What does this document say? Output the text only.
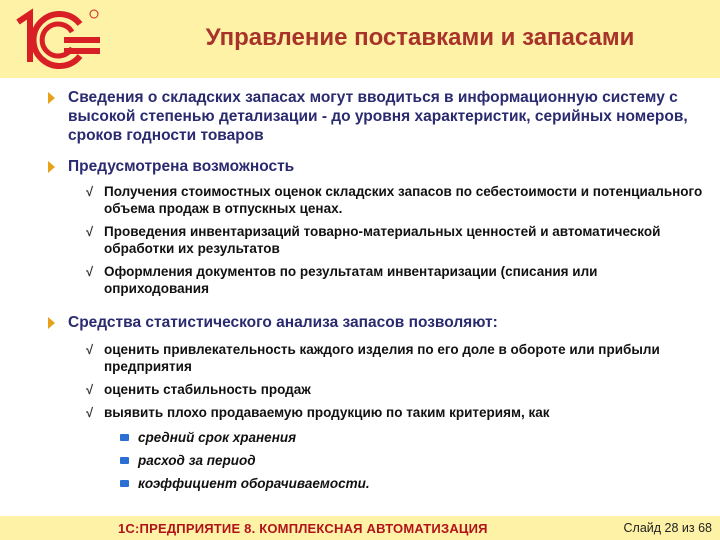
Управление поставками и запасами
Сведения о складских запасах могут вводиться в информационную систему с высокой степенью детализации - до уровня характеристик, серийных номеров, сроков годности товаров
Предусмотрена возможность
√ Получения стоимостных оценок складских запасов по себестоимости и потенциального объема продаж в отпускных ценах.
√ Проведения инвентаризаций товарно-материальных ценностей и автоматической обработки их результатов
√ Оформления документов по результатам инвентаризации (списания или оприходования
Средства статистического анализа запасов позволяют:
√ оценить привлекательность каждого изделия по его доле в обороте или прибыли предприятия
√ оценить стабильность продаж
√ выявить плохо продаваемую продукцию по таким критериям, как
средний срок хранения
расход за период
коэффициент оборачиваемости.
1С:ПРЕДПРИЯТИЕ 8. КОМПЛЕКСНАЯ АВТОМАТИЗАЦИЯ	Слайд 28 из 68
